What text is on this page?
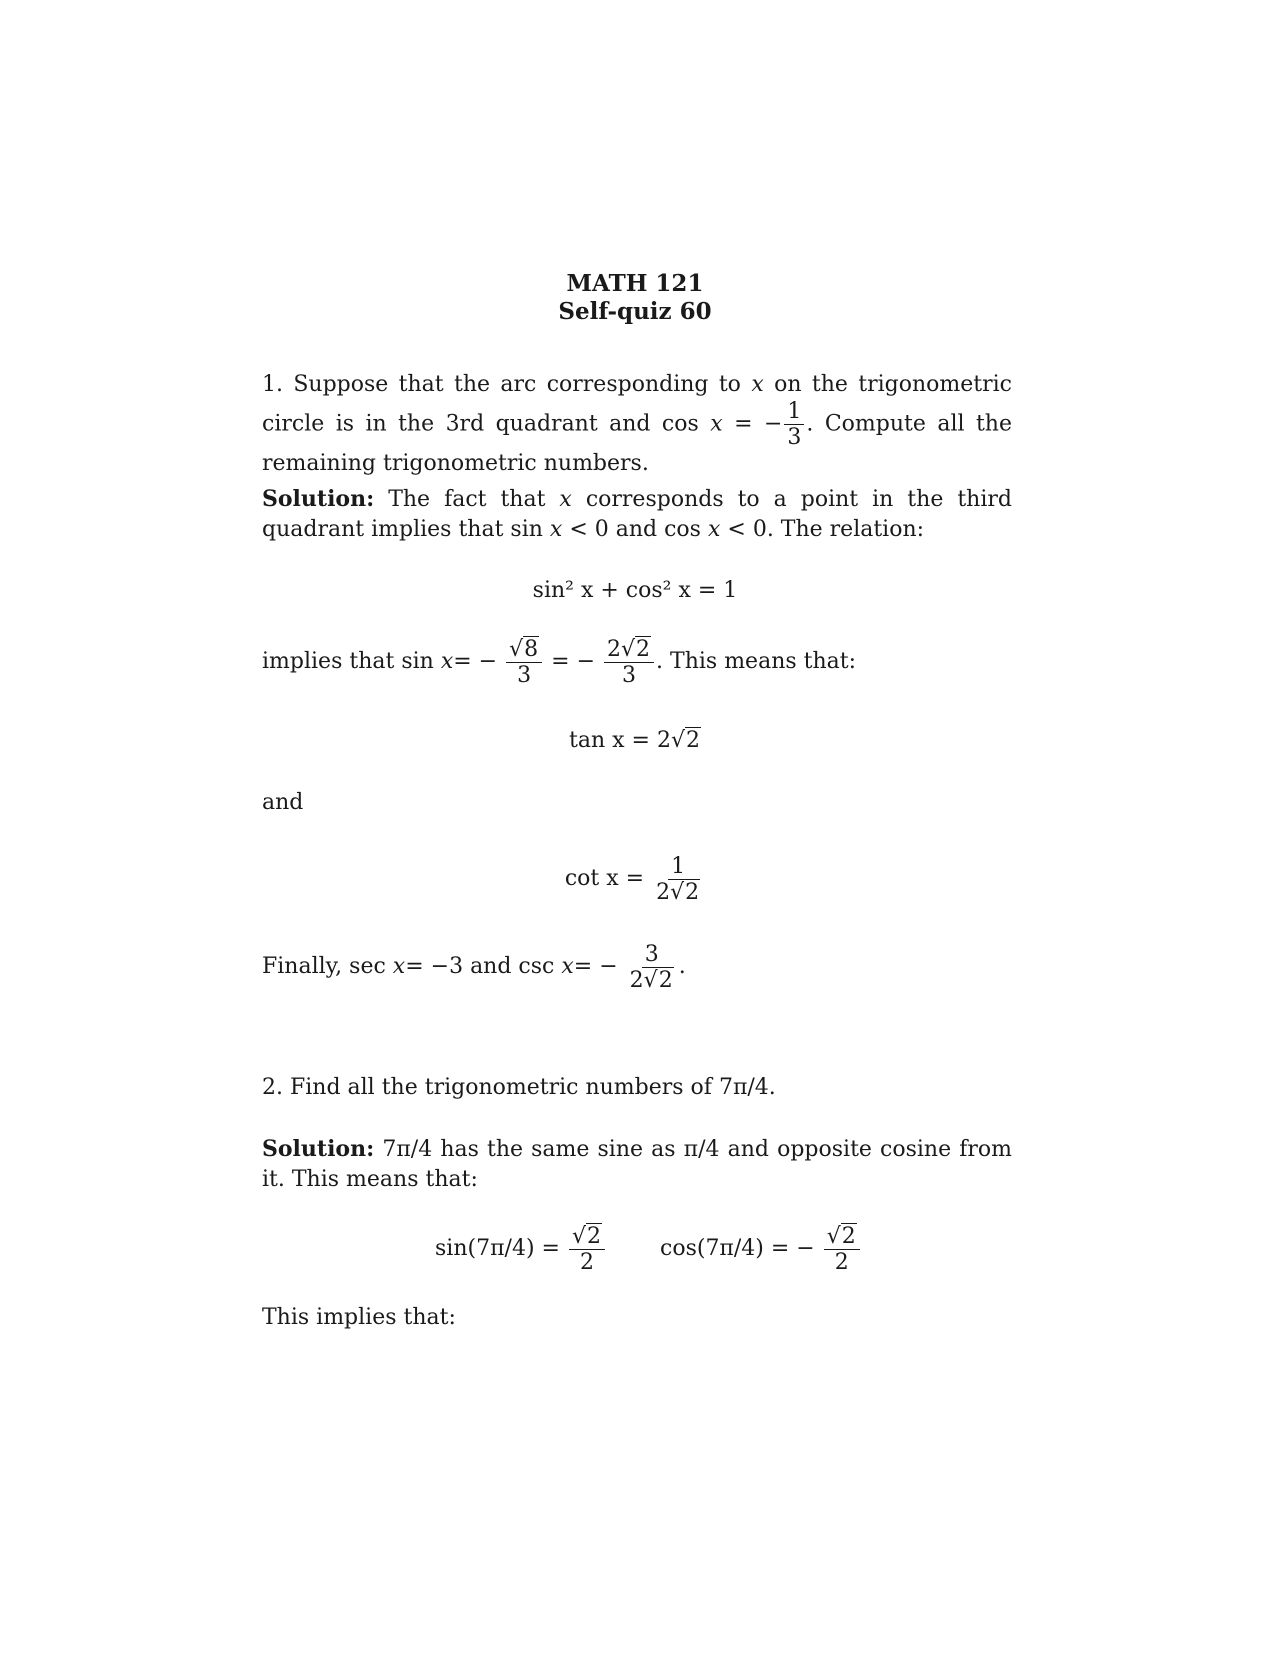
MATH 121
Self-quiz 60
1. Suppose that the arc corresponding to x on the trigonometric circle is in the 3rd quadrant and cos x = − $\frac{1}{3}$ . Compute all the remaining trigonometric numbers.
Solution: The fact that x corresponds to a point in the third quadrant implies that sin x < 0 and cos x < 0. The relation:
sin² x + cos² x = 1
implies that $\sin x= - \frac{√8}{3}$ = − $\frac{2√2}{3}$ . This means that:
tan x = 2√2
and
$\cot x = \frac{1}{2√2}$
Finally, sec x= −3 and $\csc x= - \frac{3}{2√2}$ .
2. Find all the trigonometric numbers of 7π/4.
Solution: 7π/4 has the same sine as π/4 and opposite cosine from it. This means that:
$\sin(7\pi/4) = \frac{√2}{2}$	cos(7π/4) = − $\frac{√2}{2}$
This implies that:
